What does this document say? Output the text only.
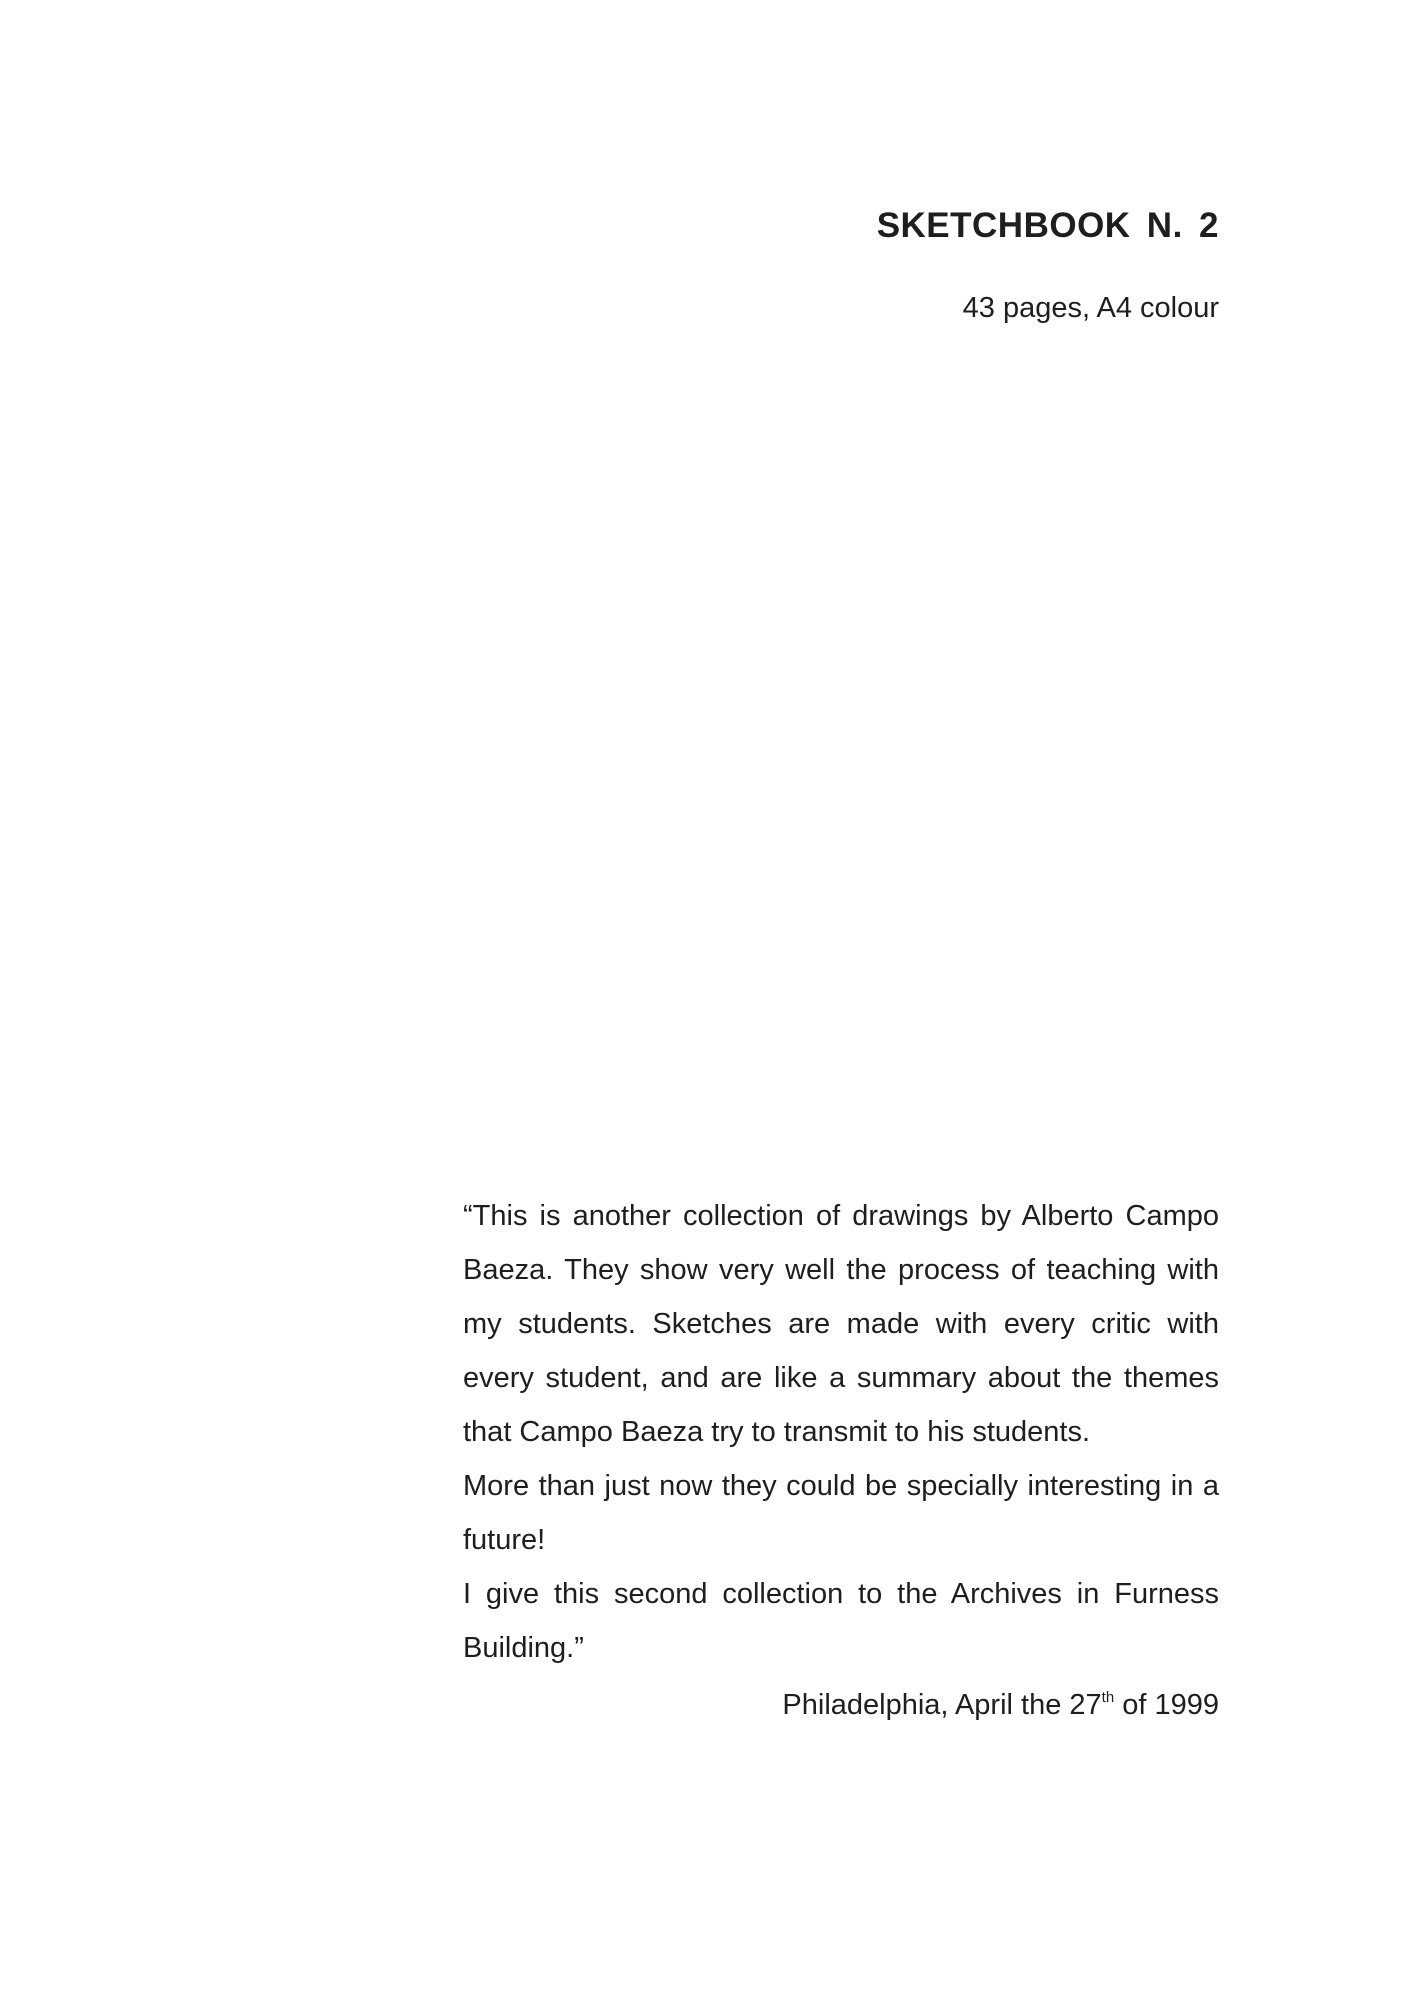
SKETCHBOOK N. 2
43 pages, A4 colour

“This is another collection of drawings by Alberto Campo Baeza. They show very well the process of teaching with my students. Sketches are made with every critic with every student, and are like a summary about the themes that Campo Baeza try to transmit to his students.

More than just now they could be specially interesting in a future!

I give this second collection to the Archives in Furness Building.”

Philadelphia, April the 27th of 1999
